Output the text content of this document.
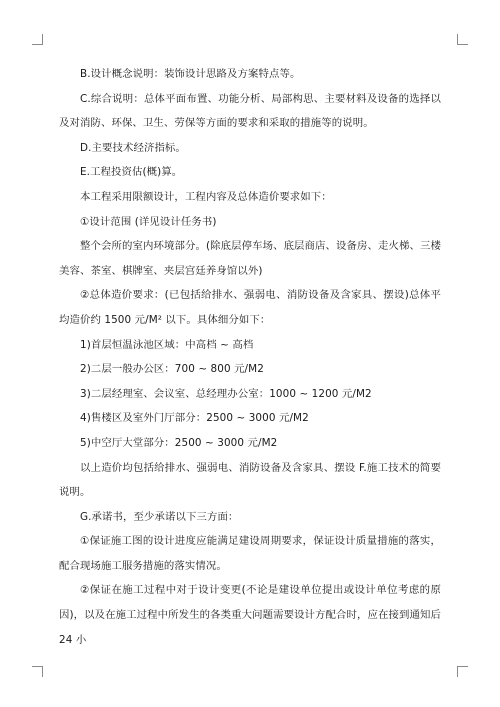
B.设计概念说明：装饰设计思路及方案特点等。

C.综合说明：总体平面布置、功能分析、局部构思、主要材料及设备的选择以及对消防、环保、卫生、劳保等方面的要求和采取的措施等的说明。

D.主要技术经济指标。

E.工程投资估(概)算。

本工程采用限额设计，工程内容及总体造价要求如下：

①设计范围 (详见设计任务书)

整个会所的室内环境部分。(除底层停车场、底层商店、设备房、走火梯、三楼美容、茶室、棋牌室、夹层宫廷养身馆以外)

②总体造价要求：(已包括给排水、强弱电、消防设备及含家具、摆设)总体平均造价约 1500 元/M² 以下。具体细分如下：

1)首层恒温泳池区域：中高档 ~ 高档

2)二层一般办公区：700 ~ 800 元/M2

3)二层经理室、会议室、总经理办公室：1000 ~ 1200 元/M2

4)售楼区及室外门厅部分：2500 ~ 3000 元/M2

5)中空厅大堂部分：2500 ~ 3000 元/M2

以上造价均包括给排水、强弱电、消防设备及含家具、摆设 F.施工技术的简要说明。

G.承诺书，至少承诺以下三方面：

①保证施工图的设计进度应能满足建设周期要求，保证设计质量措施的落实，配合现场施工服务措施的落实情况。

②保证在施工过程中对于设计变更(不论是建设单位提出或设计单位考虑的原因)，以及在施工过程中所发生的各类重大问题需要设计方配合时，应在接到通知后 24 小
